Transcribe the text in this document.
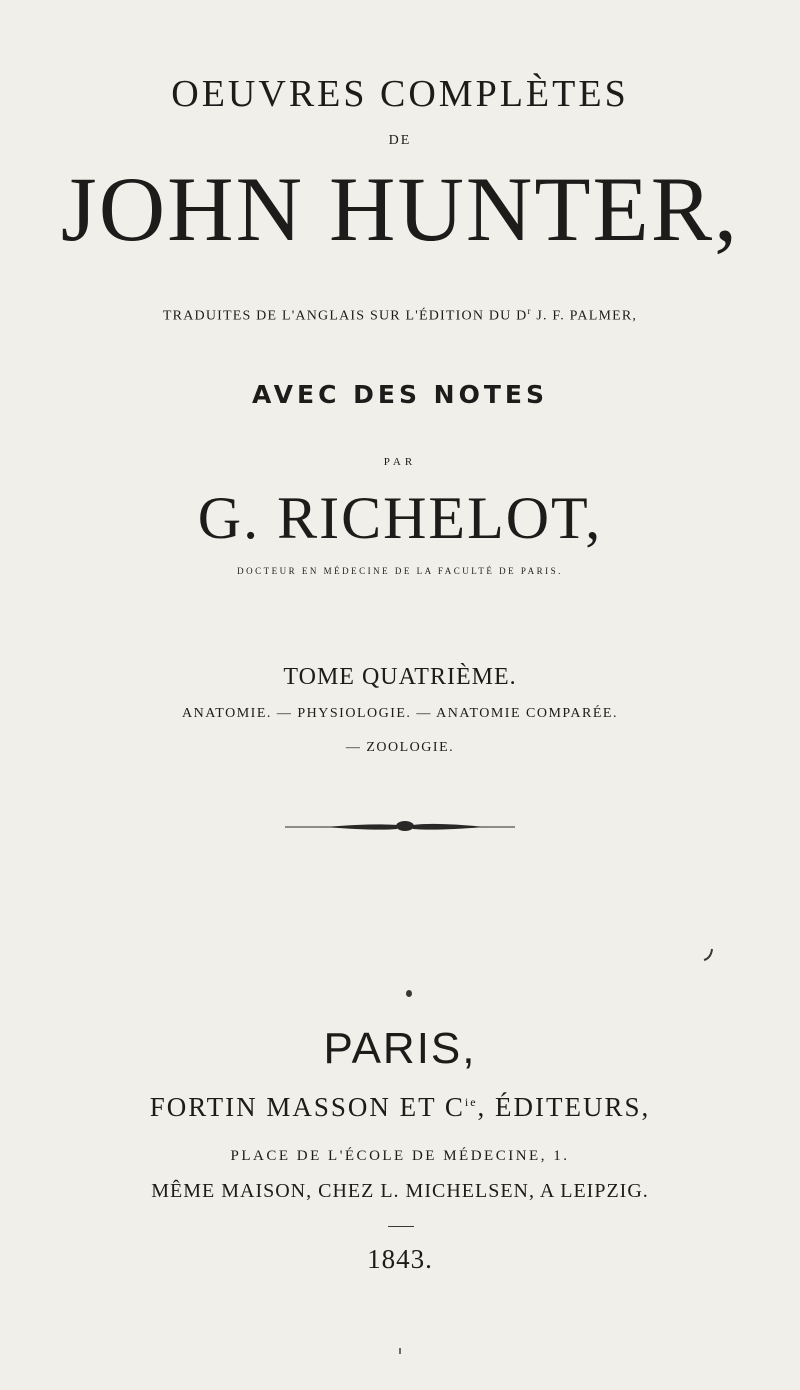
OEUVRES COMPLÈTES
DE
JOHN HUNTER,
TRADUITES DE L'ANGLAIS SUR L'ÉDITION DU $D^r$ J. F. PALMER,
AVEC DES NOTES
PAR
G. RICHELOT,
DOCTEUR EN MÉDECINE DE LA FACULTÉ DE PARIS.
TOME QUATRIÈME.
ANATOMIE. — PHYSIOLOGIE. — ANATOMIE COMPARÉE.
— ZOOLOGIE.
PARIS,
FORTIN MASSON ET $C^{ie}$, ÉDITEURS,
PLACE DE L'ÉCOLE DE MÉDECINE, 1.
MÊME MAISON, CHEZ L. MICHELSEN, A LEIPZIG.
1843.
